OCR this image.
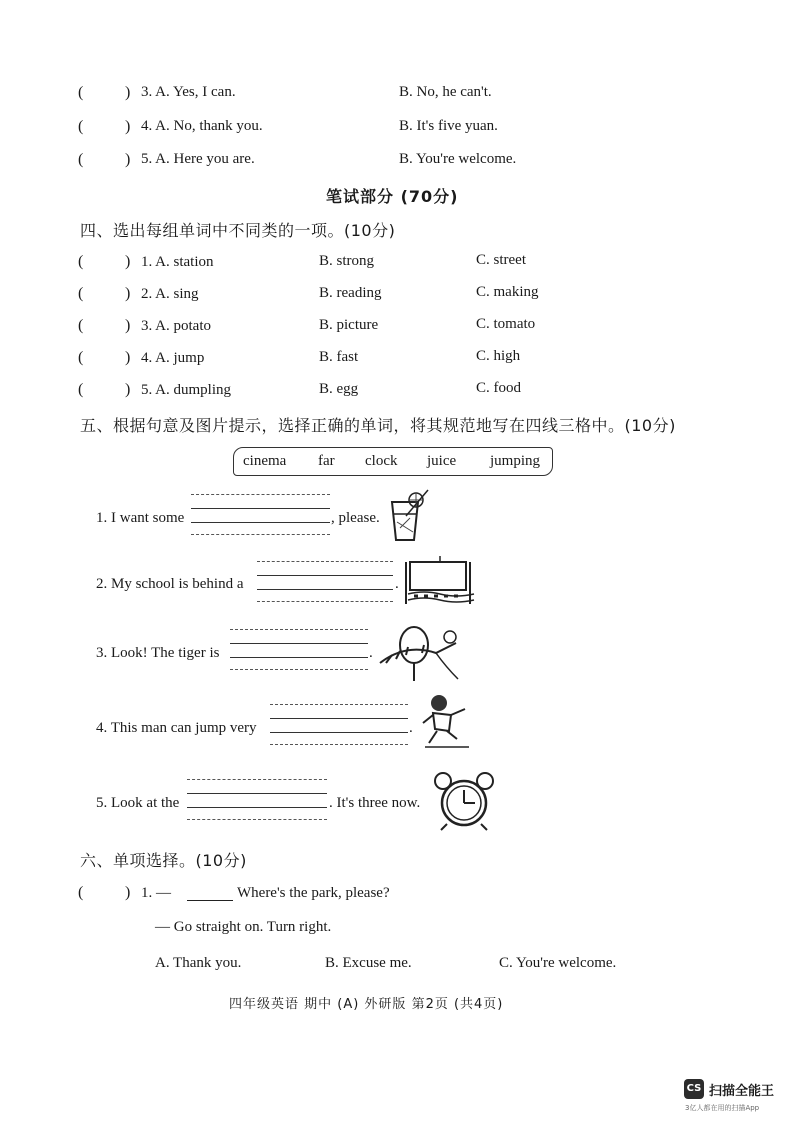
(	) 3. A. Yes, I can.	B. No, he can't.
(	) 4. A. No, thank you.	B. It's five yuan.
(	) 5. A. Here you are.	B. You're welcome.
笔试部分 (70分)
四、选出每组单词中不同类的一项。(10分)
(	) 1. A. station	B. strong	C. street
(	) 2. A. sing	B. reading	C. making
(	) 3. A. potato	B. picture	C. tomato
(	) 4. A. jump	B. fast	C. high
(	) 5. A. dumpling	B. egg	C. food
五、根据句意及图片提示，选择正确的单词，将其规范地写在四线三格中。(10分)
cinema far clock juice jumping
1. I want some	, please.
2. My school is behind a	.
3. Look! The tiger is	.
4. This man can jump very	.
5. Look at the	. It's three now.
六、单项选择。(10分)
(	) 1. —	Where's the park, please?
— Go straight on. Turn right.
A. Thank you.	B. Excuse me.	C. You're welcome.
四年级英语 期中 (A) 外研版 第2页 (共4页)
CS 扫描全能王
3亿人都在用的扫描App
